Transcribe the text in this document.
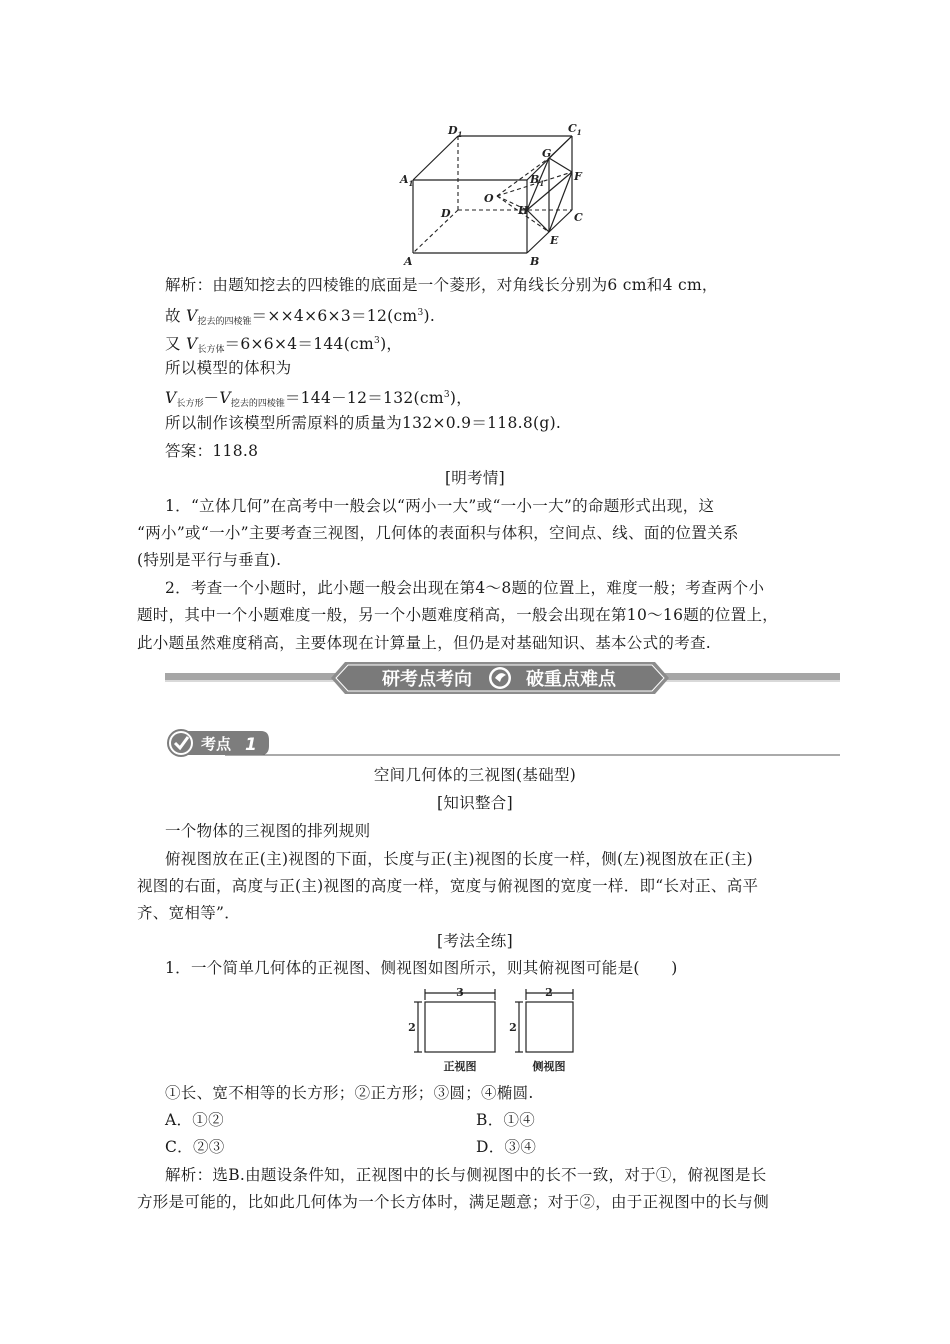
$D_1$	$C_1$
$A_1$	$B_1$
G
F
O
D	H
C
E
A	B
解析：由题知挖去的四棱锥的底面是一个菱形，对角线长分别为6 cm和4 cm，
故 $V_{挖去的四棱锥}=\times\times 4\times 6\times 3=12(cm^3)$.
又 $V_{长方体}=6\times 6\times 4=144(cm^3)$，
所以模型的体积为
$V_{长方形}-V_{挖去的四棱锥}=144-12=132(cm^3)$，
所以制作该模型所需原料的质量为132×0.9＝118.8(g).
答案：118.8
[明考情]
1．“立体几何”在高考中一般会以“两小一大”或“一小一大”的命题形式出现，这
“两小”或“一小”主要考查三视图，几何体的表面积与体积，空间点、线、面的位置关系
(特别是平行与垂直).
2．考查一个小题时，此小题一般会出现在第4～8题的位置上，难度一般；考查两个小
题时，其中一个小题难度一般，另一个小题难度稍高，一般会出现在第10～16题的位置上，
此小题虽然难度稍高，主要体现在计算量上，但仍是对基础知识、基本公式的考查.
研考点考向	破重点难点
考点 1
空间几何体的三视图(基础型)
[知识整合]
一个物体的三视图的排列规则
俯视图放在正(主)视图的下面，长度与正(主)视图的长度一样，侧(左)视图放在正(主)
视图的右面，高度与正(主)视图的高度一样，宽度与俯视图的宽度一样．即“长对正、高平
齐、宽相等”．
[考法全练]
1．一个简单几何体的正视图、侧视图如图所示，则其俯视图可能是(　　)
3
2
2
2
正视图	侧视图
①长、宽不相等的长方形；②正方形；③圆；④椭圆.
A．①②	B．①④
C．②③	D．③④
解析：选B.由题设条件知，正视图中的长与侧视图中的长不一致，对于①，俯视图是长
方形是可能的，比如此几何体为一个长方体时，满足题意；对于②，由于正视图中的长与侧
